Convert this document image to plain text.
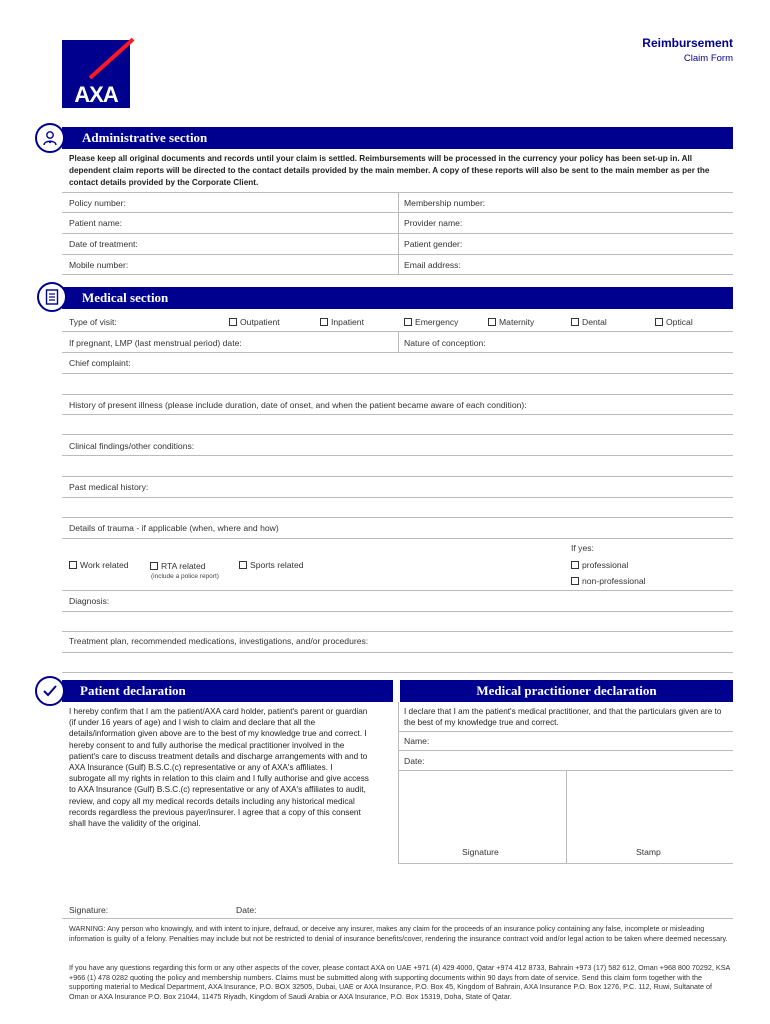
AXA
Reimbursement
Claim Form
Administrative section
Please keep all original documents and records until your claim is settled. Reimbursements will be processed in the currency your policy has been set-up in. All dependent claim reports will be directed to the contact details provided by the main member. A copy of these reports will also be sent to the main member as per the contact details provided by the Corporate Client.
Policy number:	Membership number:
Patient name:	Provider name:
Date of treatment:	Patient gender:
Mobile number:	Email address:
Medical section
Type of visit:	Outpatient	Inpatient	Emergency	Maternity	Dental	Optical
If pregnant, LMP (last menstrual period) date:	Nature of conception:
Chief complaint:
History of present illness (please include duration, date of onset, and when the patient became aware of each condition):
Clinical findings/other conditions:
Past medical history:
Details of trauma - if applicable (when, where and how)
If yes:
Work related	RTA related
(include a police report)
Sports related	professional
non-professional
Diagnosis:
Treatment plan, recommended medications, investigations, and/or procedures:
Patient declaration	Medical practitioner declaration
I hereby confirm that I am the patient/AXA card holder, patient's parent or guardian (if under 16 years of age) and I wish to claim and declare that all the details/information given above are to the best of my knowledge true and correct. I hereby consent to and fully authorise the medical practitioner involved in the patient's care to discuss treatment details and discharge arrangements with and to AXA Insurance (Gulf) B.S.C.(c) representative or any of AXA's affiliates. I subrogate all my rights in relation to this claim and I fully authorise and give access to AXA Insurance (Gulf) B.S.C.(c) representative or any of AXA's affiliates to audit, review, and copy all my medical records details including any historical medical records regardless the previous payer/insurer. I agree that a copy of this consent shall have the validity of the original.
I declare that I am the patient's medical practitioner, and that the particulars given are to the best of my knowledge true and correct.
Name:
Date:
Signature	Stamp
Signature:	Date:
WARNING: Any person who knowingly, and with intent to injure, defraud, or deceive any insurer, makes any claim for the proceeds of an insurance policy containing any false, incomplete or misleading information is guilty of a felony. Penalties may include but not be restricted to denial of insurance benefits/cover, rendering the insurance contract void and/or legal action to be taken where deemed necessary.
If you have any questions regarding this form or any other aspects of the cover, please contact AXA on UAE +971 (4) 429 4000, Qatar +974 412 8733, Bahrain +973 (17) 582 612, Oman +968 800 70292, KSA +966 (1) 478 0282 quoting the policy and membership numbers. Claims must be submitted along with supporting documents within 90 days from date of service. Send this claim form together with the supporting material to Medical Department, AXA Insurance, P.O. BOX 32505, Dubai, UAE or AXA Insurance, P.O. Box 45, Kingdom of Bahrain, AXA Insurance P.O. Box 1276, P.C. 112, Ruwi, Sultanate of Oman or AXA Insurance P.O. Box 21044, 11475 Riyadh, Kingdom of Saudi Arabia or AXA Insurance, P.O. Box 15319, Doha, State of Qatar.
